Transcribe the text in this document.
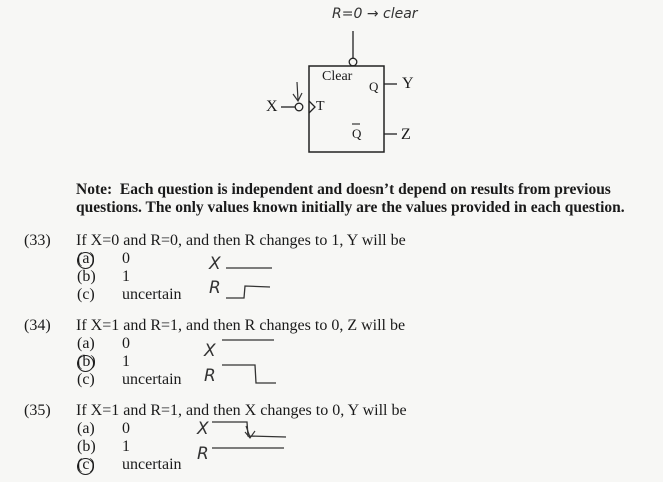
R=0 → clear
Clear
Q
Q
T
X
Y
Z
Note: Each question is independent and doesn’t depend on results from previous questions. The only values known initially are the values provided in each question.
(33) If X=0 and R=0, and then R changes to 1, Y will be
(a) 0
(b) 1
(c) uncertain
X
R
(34) If X=1 and R=1, and then R changes to 0, Z will be
(a) 0
(b) 1
(c) uncertain
X
R
(35) If X=1 and R=1, and then X changes to 0, Y will be
(a) 0
(b) 1
(c) uncertain
X
R
